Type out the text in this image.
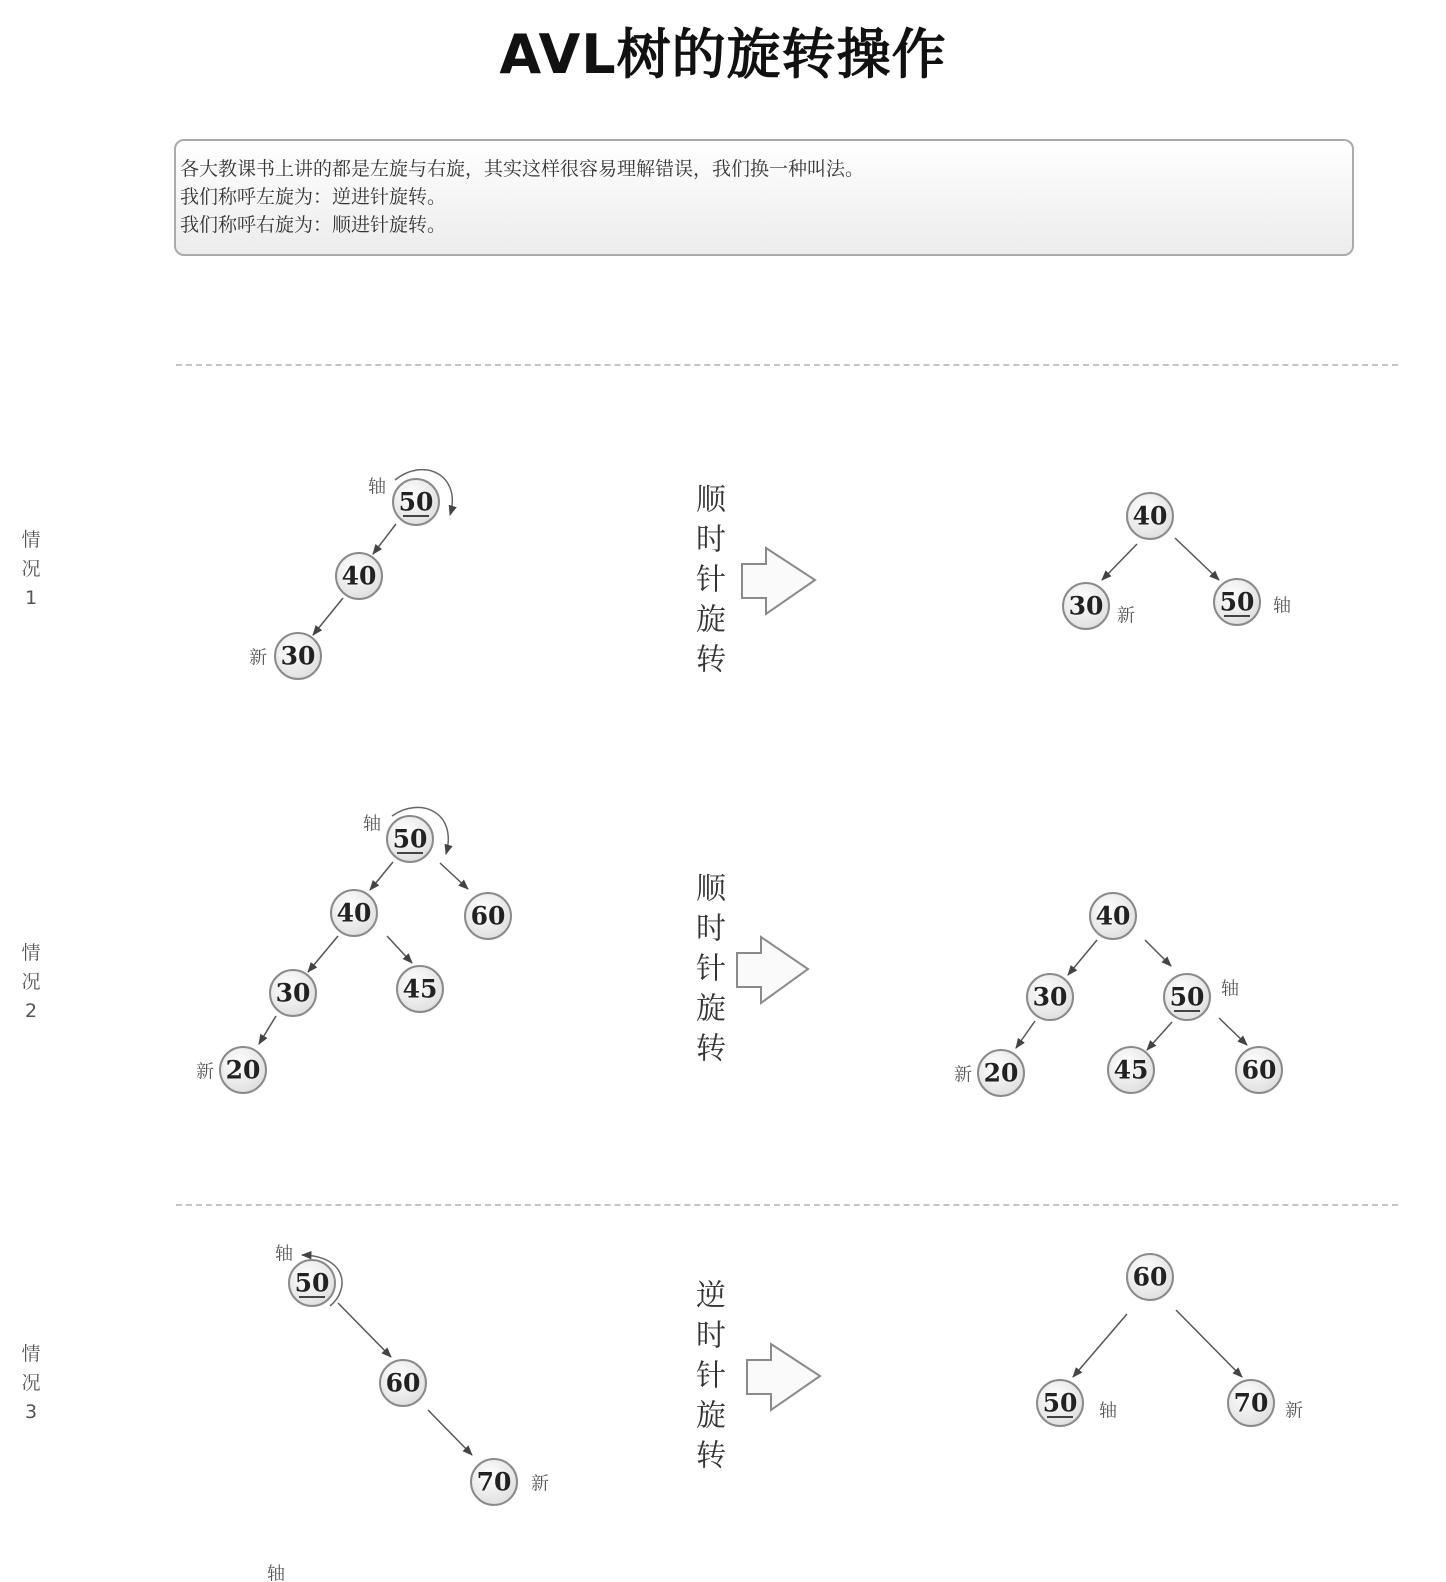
AVL树的旋转操作
各大教课书上讲的都是左旋与右旋，其实这样很容易理解错误，我们换一种叫法。
我们称呼左旋为：逆进针旋转。
我们称呼右旋为：顺进针旋转。
情
况
1
情
况
2
情
况
3
50
轴
40
30
新
顺
时
针
旋
转
40
30 新	50 轴
50
轴
40	60
30	45
20
新
顺
时
针
旋
转
40
30	50 轴
20
新	45	60
50
轴
60
70 新
逆
时
针
旋
转
60
50 轴	70 新
轴
